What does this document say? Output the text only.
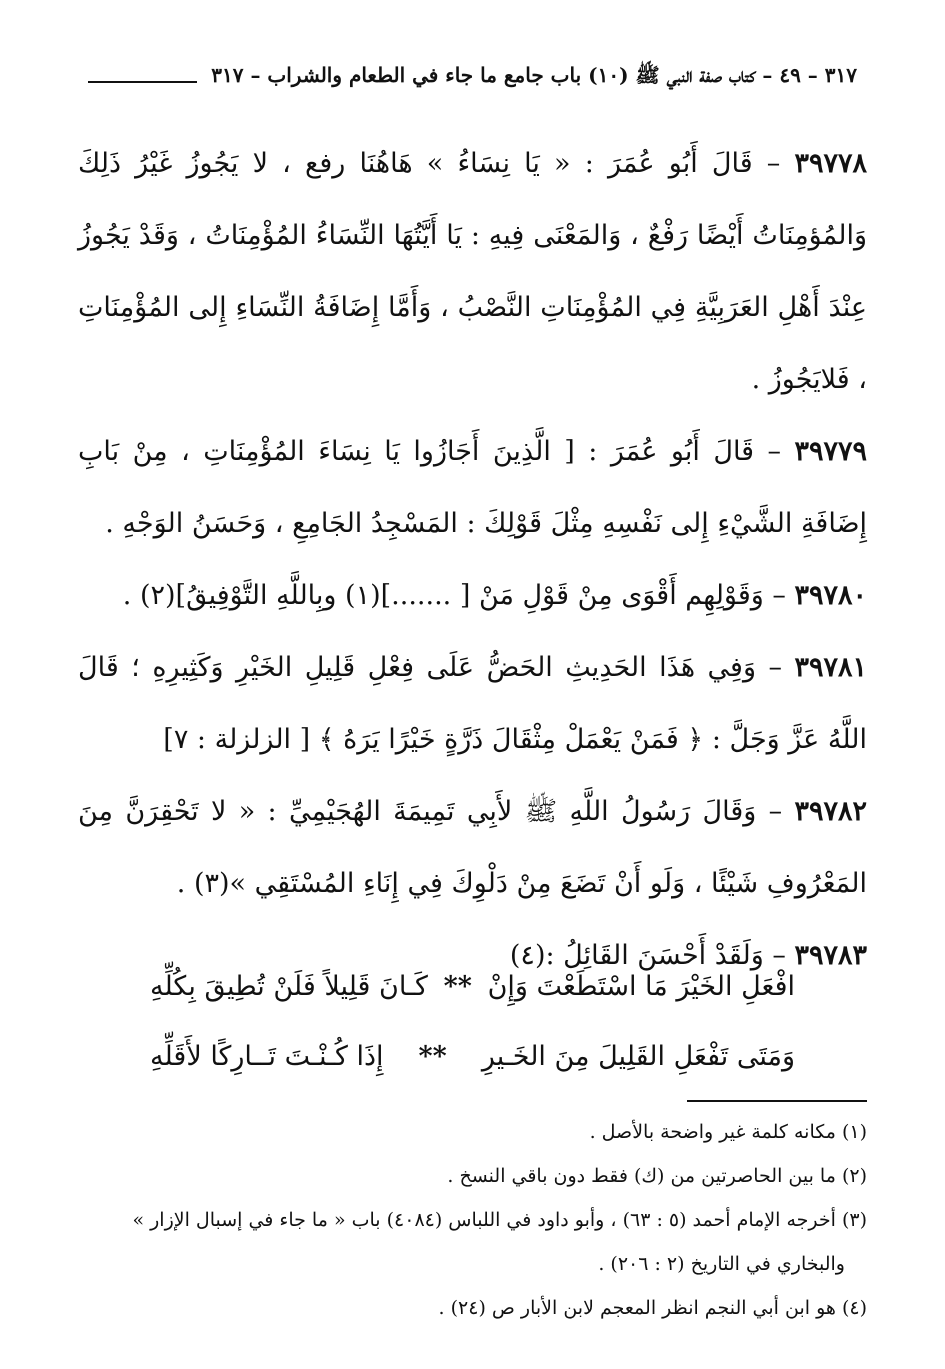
٣١٧ – ٤٩ – كتاب صفة النبي ﷺ (١٠) باب جامع ما جاء في الطعام والشراب – ٣١٧

٣٩٧٧٨ – قَالَ أَبُو عُمَرَ : « يَا نِسَاءُ » هَاهُنَا رفع ، لا يَجُوزُ غَيْرُ ذَلِكَ وَالمُؤمِنَاتُ أَيْضًا رَفْعٌ ، وَالمَعْنَى فِيهِ : يَا أَيَّتُهَا النِّسَاءُ المُؤْمِنَاتُ ، وَقَدْ يَجُوزُ عِنْدَ أَهْلِ العَرَبِيَّةِ فِي المُؤْمِنَاتِ النَّصْبُ ، وَأَمَّا إِضَافَةُ النِّسَاءِ إِلى المُؤْمِنَاتِ ، فَلايَجُوزُ .

٣٩٧٧٩ – قَالَ أَبُو عُمَرَ : [ الَّذِينَ أَجَازُوا يَا نِسَاءَ المُؤْمِنَاتِ ، مِنْ بَابِ إِضَافَةِ الشَّيْءِ إِلى نَفْسِهِ مِثْلَ قَوْلِكَ : المَسْجِدُ الجَامِعِ ، وَحَسَنُ الوَجْهِ .

٣٩٧٨٠ – وَقَوْلِهِم أَقْوَى مِنْ قَوْلِ مَنْ [ .......](١) وبِاللَّهِ التَّوْفِيقُ](٢) .

٣٩٧٨١ – وَفِي هَذَا الحَدِيثِ الحَضُّ عَلَى فِعْلِ قَلِيلِ الخَيْرِ وَكَثِيرِهِ ؛ قَالَ اللَّهُ عَزَّ وَجَلَّ : ﴿ فَمَنْ يَعْمَلْ مِثْقَالَ ذَرَّةٍ خَيْرًا يَرَهُ ﴾ [ الزلزلة : ٧]

٣٩٧٨٢ – وَقَالَ رَسُولُ اللَّهِ ﷺ لأَبِي تَمِيمَةَ الهُجَيْمِيِّ : « لا تَحْقِرَنَّ مِنَ المَعْرُوفِ شَيْئًا ، وَلَو أَنْ تَضَعَ مِنْ دَلْوِكَ فِي إِنَاءِ المُسْتَقِي »(٣) .

٣٩٧٨٣ – وَلَقَدْ أَحْسَنَ القَائِلُ :(٤)

افْعَلِ الخَيْرَ مَا اسْتَطَعْتَ وَإِنْ
**
كَـانَ قَلِيلاً فَلَنْ تُطِيقَ بِكُلِّهِ
وَمَتَى تَفْعَلِ القَلِيلَ مِنَ الخَـيرِ
**
إِذَا كُـنْـتَ تَــارِكًا لأَقَلِّهِ

(١) مكانه كلمة غير واضحة بالأصل .

(٢) ما بين الحاصرتين من (ك) فقط دون باقي النسخ .

(٣) أخرجه الإمام أحمد (٥ : ٦٣) ، وأبو داود في اللباس (٤٠٨٤) باب « ما جاء في إسبال الإزار »

والبخاري في التاريخ (٢ : ٢٠٦) .

(٤) هو ابن أبي النجم انظر المعجم لابن الأبار ص (٢٤) .
